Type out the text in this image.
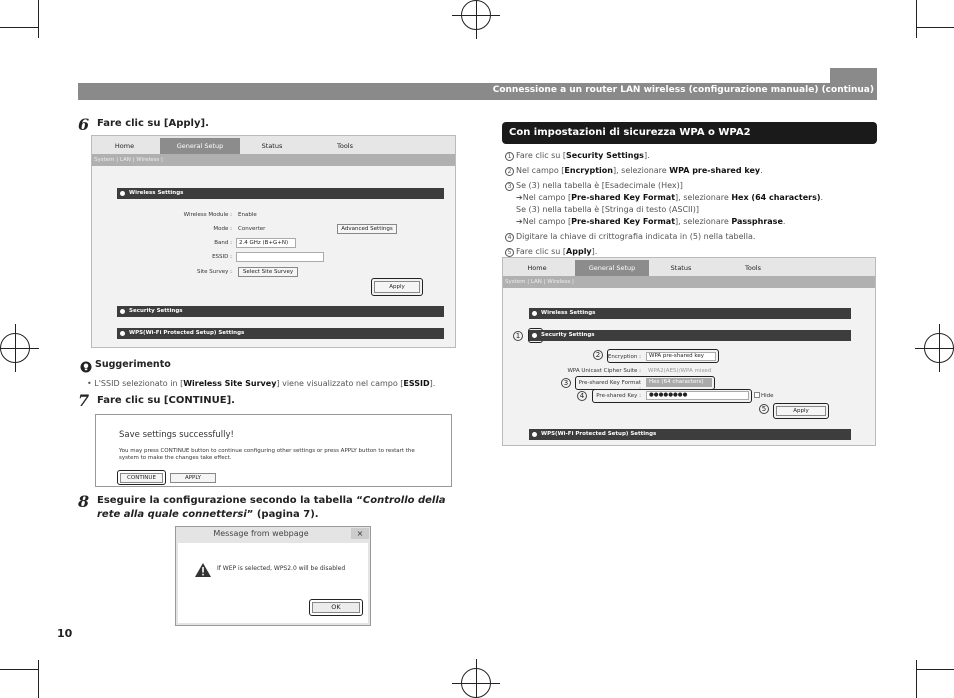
Connessione a un router LAN wireless (configurazione manuale) (continua)
6 Fare clic su [Apply].
Home	General Setup	Status	Tools
System | LAN | Wireless |
Wireless Settings
Wireless Module : Enable
Mode : Converter	Advanced Settings
Band :	2.4 GHz (B+G+N)
ESSID :
Site Survey :	Select Site Survey
Apply
Security Settings
WPS(Wi-Fi Protected Setup) Settings
Suggerimento
• L'SSID selezionato in [Wireless Site Survey] viene visualizzato nel campo [ESSID].
7 Fare clic su [CONTINUE].
Save settings successfully!
You may press CONTINUE button to continue configuring other settings or press APPLY button to restart the system to make the changes take effect.
CONTINUE	APPLY
8 Eseguire la configurazione secondo la tabella “Controllo della rete alla quale connettersi” (pagina 7).
Message from webpage	×
If WEP is selected, WPS2.0 will be disabled
OK
10
Con impostazioni di sicurezza WPA o WPA2
1 Fare clic su [Security Settings].
2 Nel campo [Encryption], selezionare WPA pre-shared key.
3 Se (3) nella tabella è [Esadecimale (Hex)]
➔Nel campo [Pre-shared Key Format], selezionare Hex (64 characters).
Se (3) nella tabella è [Stringa di testo (ASCII)]
➔Nel campo [Pre-shared Key Format], selezionare Passphrase.
4 Digitare la chiave di crittografia indicata in (5) nella tabella.
5 Fare clic su [Apply].
Home	General Setup	Status	Tools
System | LAN | Wireless |
Wireless Settings
Security Settings
1
2	Encryption :	WPA pre-shared key
WPA Unicast Cipher Suite : WPA2(AES)/WPA mixed
3	Pre-shared Key Format :
Hex (64 characters)
4	Pre-shared Key :	●●●●●●●●	Hide
5	Apply
WPS(Wi-Fi Protected Setup) Settings
